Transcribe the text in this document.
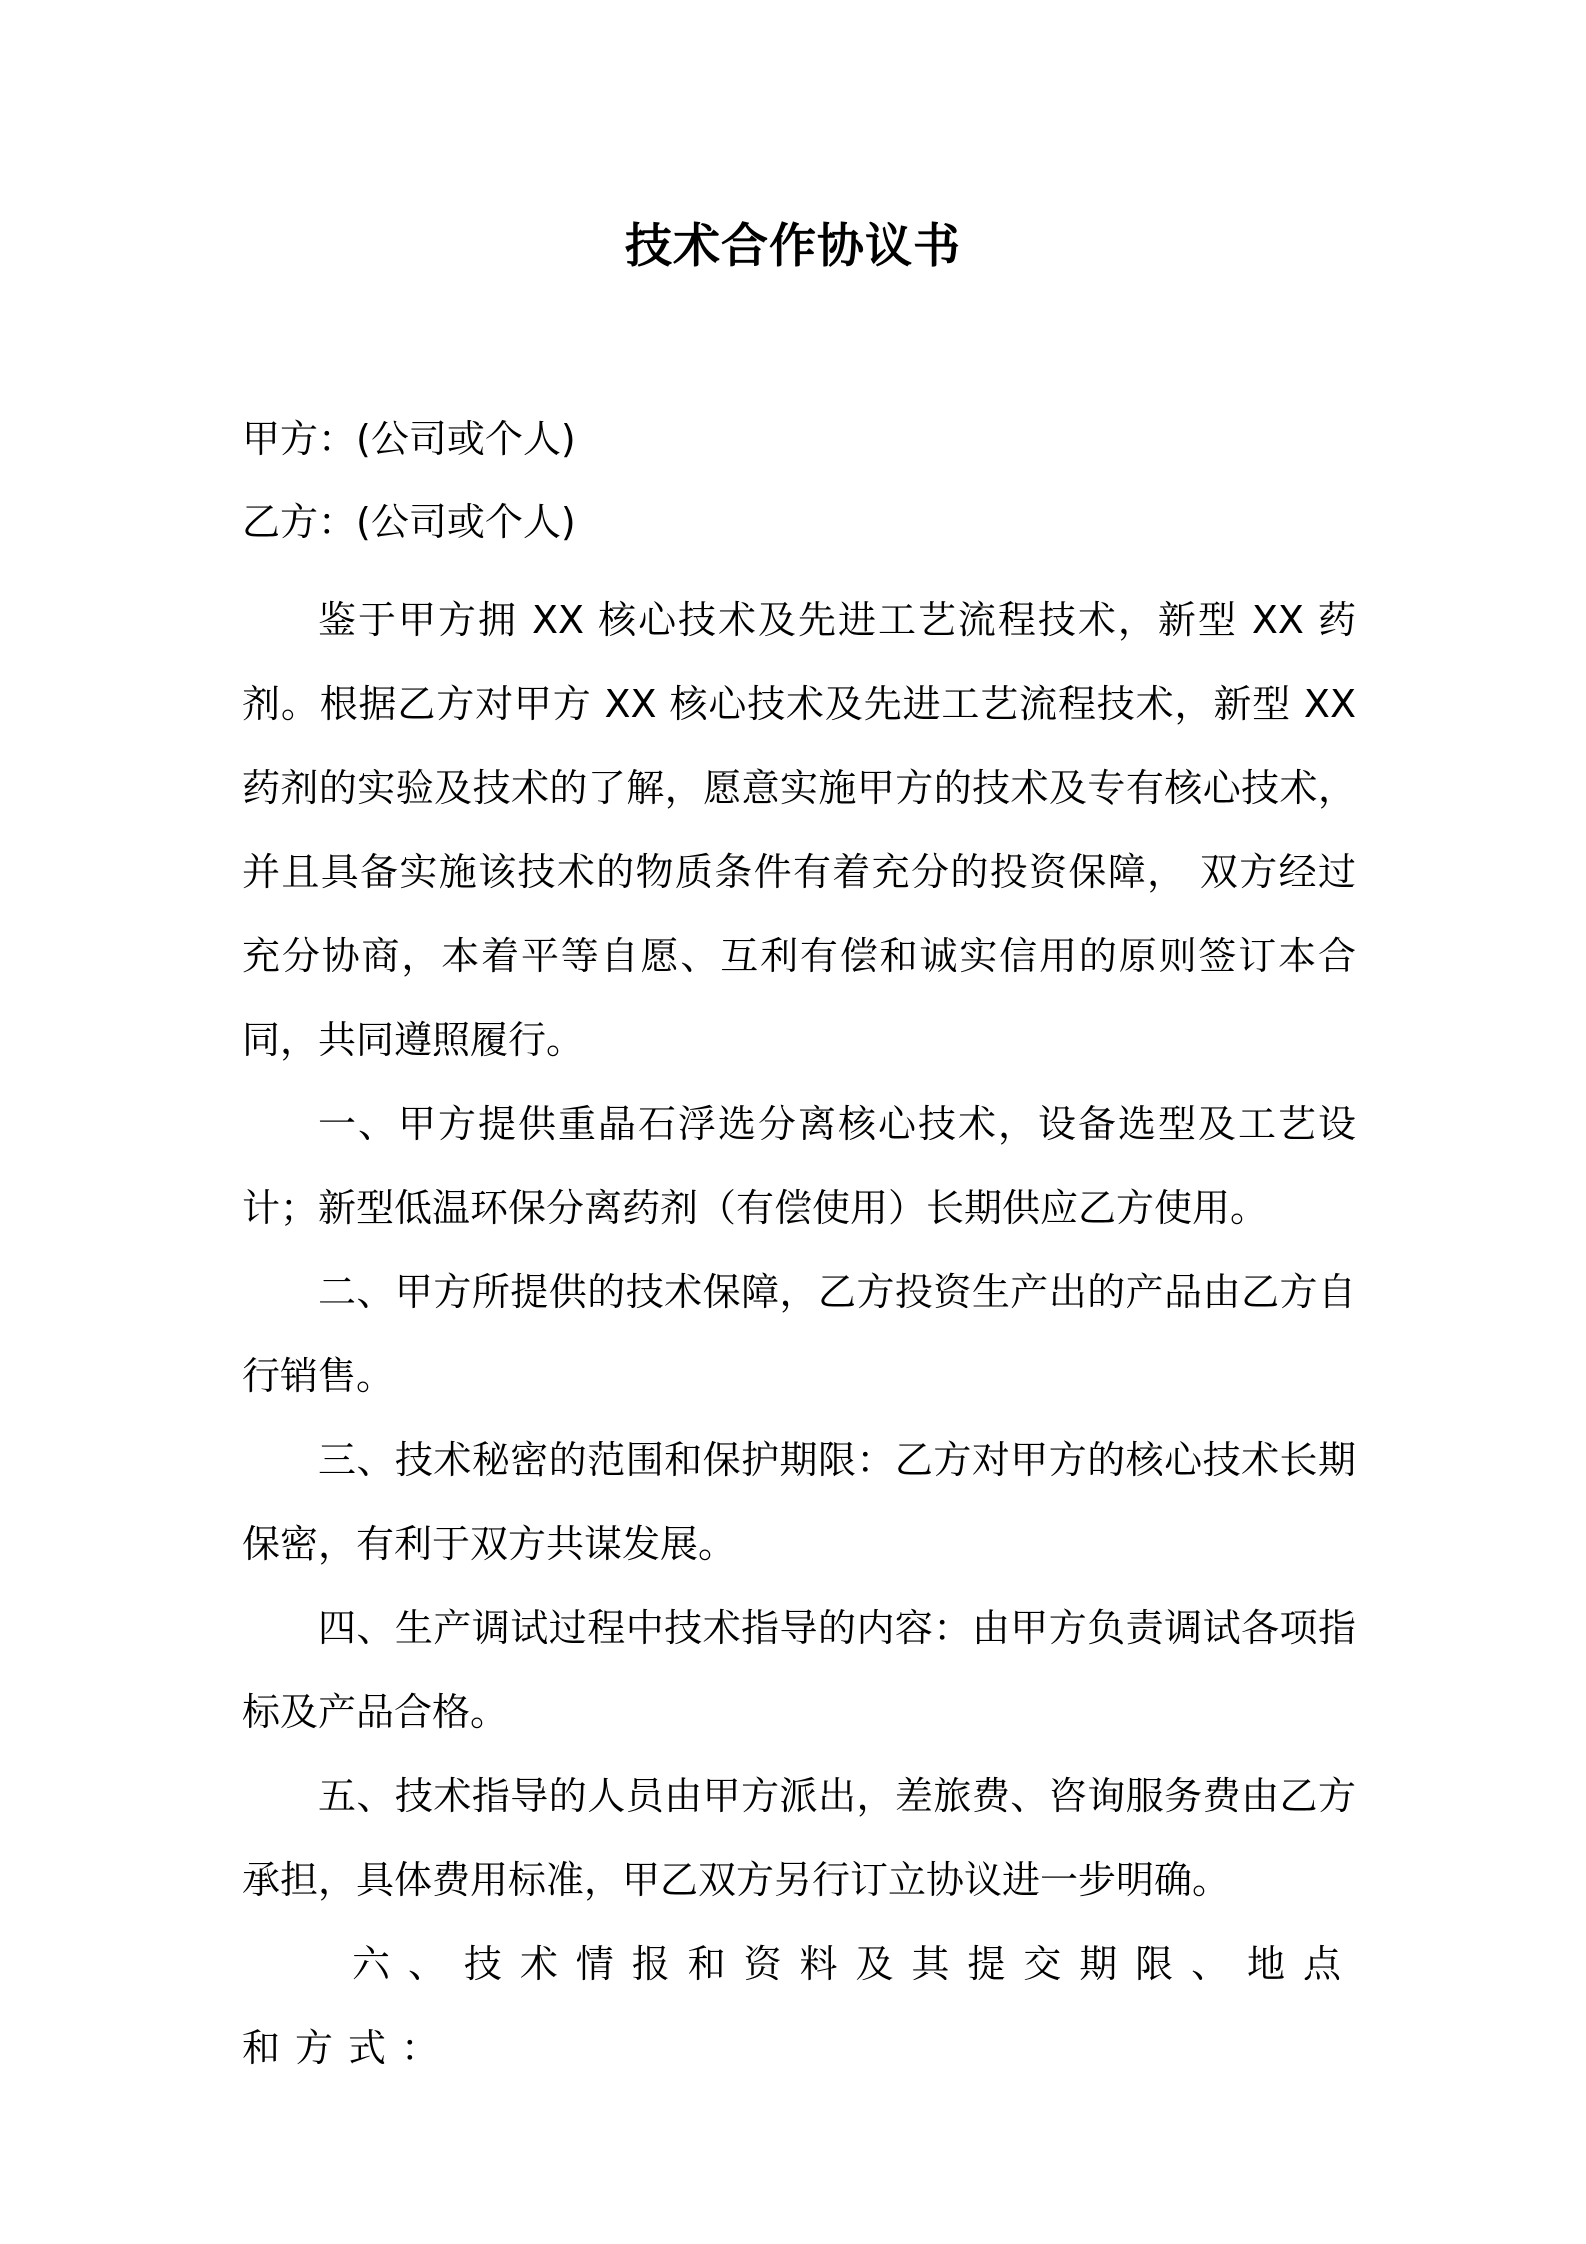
技术合作协议书

甲方：(公司或个人)

乙方：(公司或个人)

鉴于甲方拥 XX 核心技术及先进工艺流程技术，新型 XX 药剂。根据乙方对甲方 XX 核心技术及先进工艺流程技术，新型 XX 药剂的实验及技术的了解，愿意实施甲方的技术及专有核心技术，并且具备实施该技术的物质条件有着充分的投资保障， 双方经过充分协商，本着平等自愿、互利有偿和诚实信用的原则签订本合同，共同遵照履行。

一、甲方提供重晶石浮选分离核心技术，设备选型及工艺设计；新型低温环保分离药剂（有偿使用）长期供应乙方使用。

二、甲方所提供的技术保障，乙方投资生产出的产品由乙方自行销售。

三、技术秘密的范围和保护期限：乙方对甲方的核心技术长期保密，有利于双方共谋发展。

四、生产调试过程中技术指导的内容：由甲方负责调试各项指标及产品合格。

五、技术指导的人员由甲方派出，差旅费、咨询服务费由乙方承担，具体费用标准，甲乙双方另行订立协议进一步明确。

六、技术情报和资料及其提交期限、地点和方式：
